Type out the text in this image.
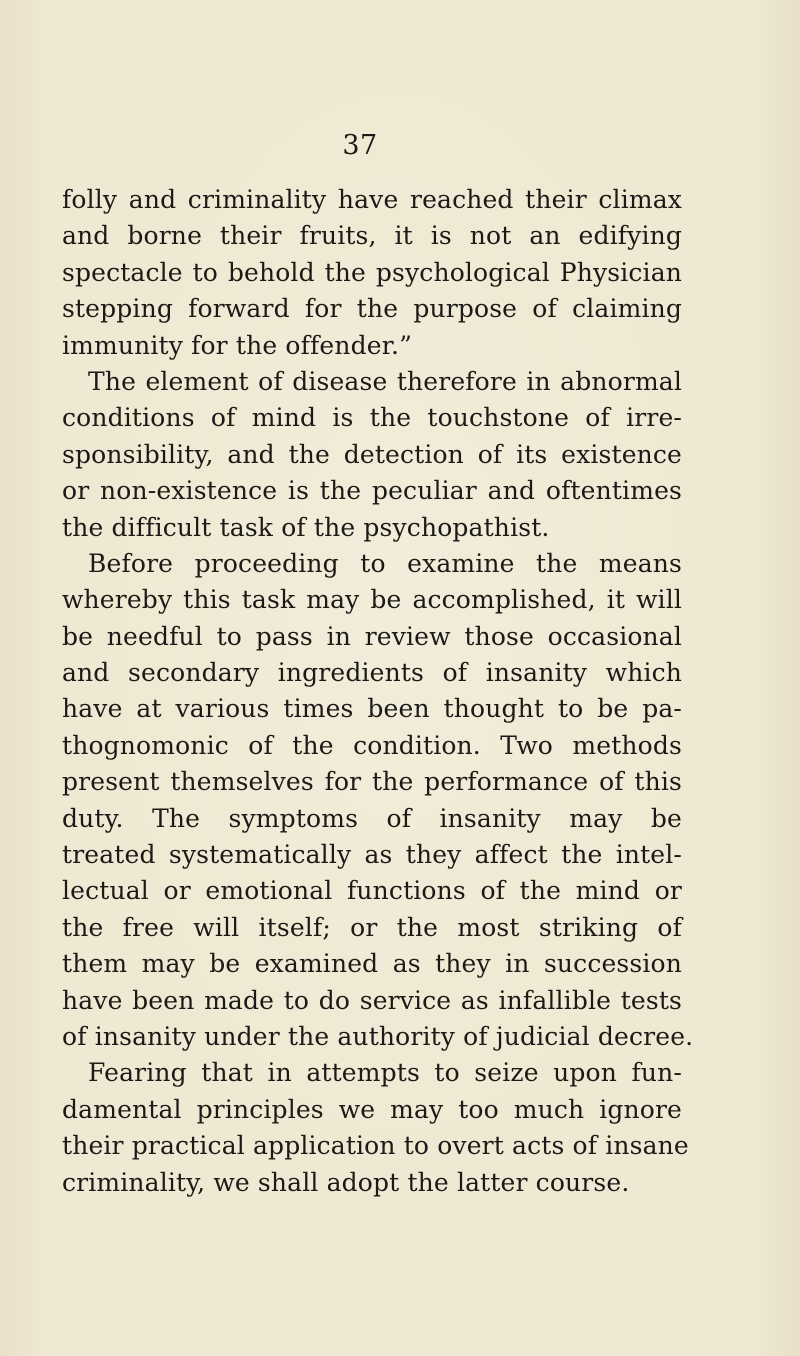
37
folly and criminality have reached their climax
and borne their fruits, it is not an edifying
spectacle to behold the psychological Physician
stepping forward for the purpose of claiming
immunity for the offender.”
The element of disease therefore in abnormal
conditions of mind is the touchstone of irre-
sponsibility, and the detection of its existence
or non-existence is the peculiar and oftentimes
the difficult task of the psychopathist.
Before proceeding to examine the means
whereby this task may be accomplished, it will
be needful to pass in review those occasional
and secondary ingredients of insanity which
have at various times been thought to be pa-
thognomonic of the condition. Two methods
present themselves for the performance of this
duty. The symptoms of insanity may be
treated systematically as they affect the intel-
lectual or emotional functions of the mind or
the free will itself; or the most striking of
them may be examined as they in succession
have been made to do service as infallible tests
of insanity under the authority of judicial decree.
Fearing that in attempts to seize upon fun-
damental principles we may too much ignore
their practical application to overt acts of insane
criminality, we shall adopt the latter course.
